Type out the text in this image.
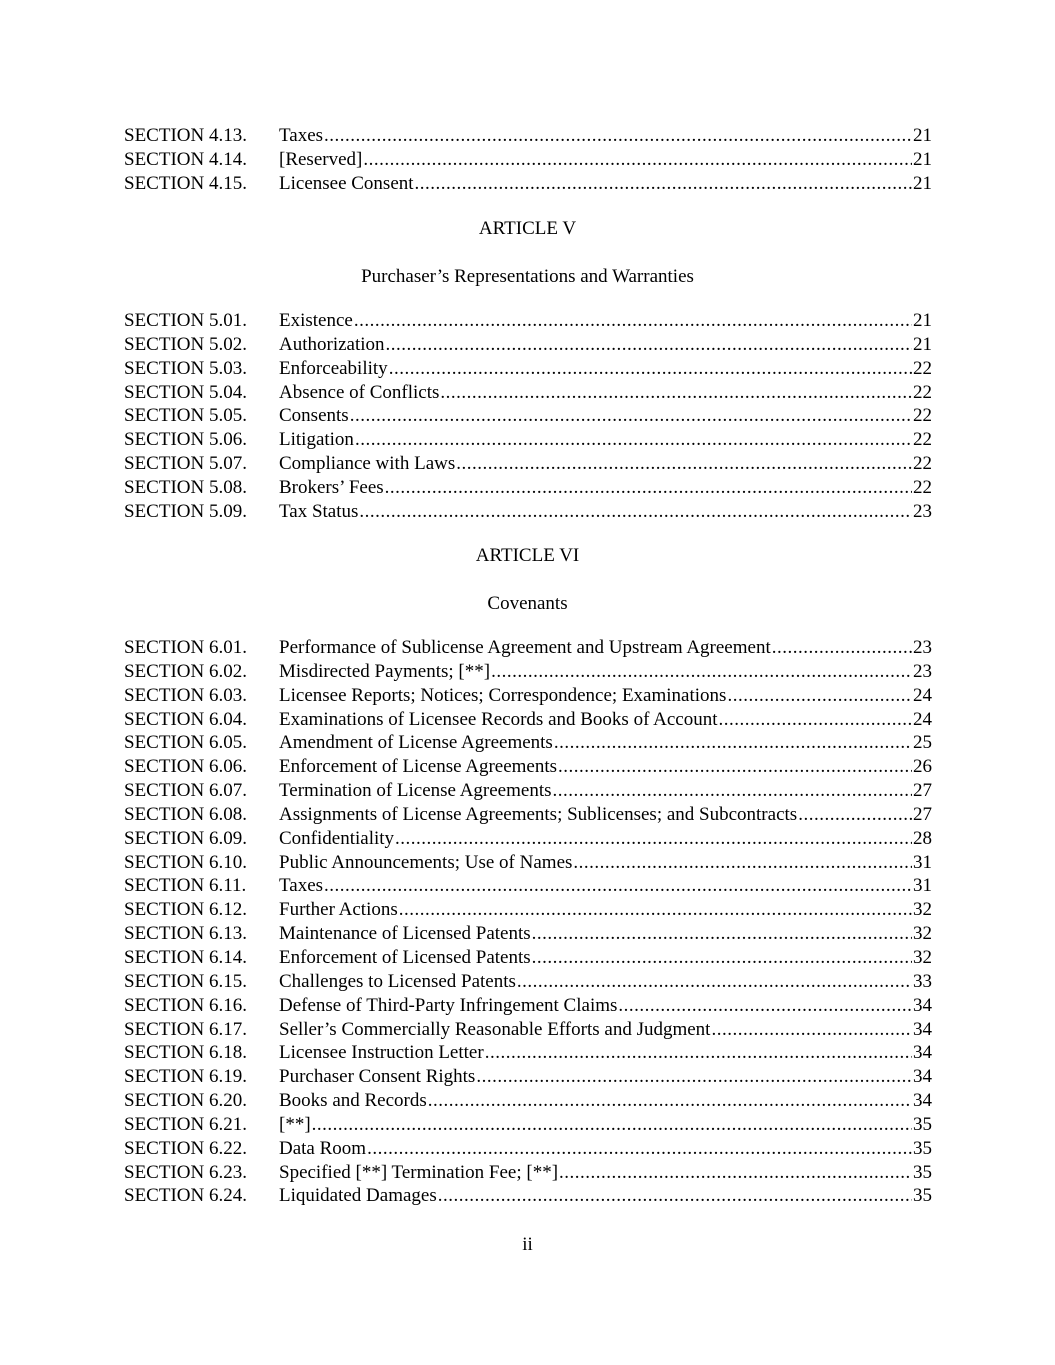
SECTION 4.13.	Taxes .....	21
SECTION 4.14.	[Reserved] .....	21
SECTION 4.15.	Licensee Consent .....	21
ARTICLE V
Purchaser’s Representations and Warranties
SECTION 5.01.	Existence .....	21
SECTION 5.02.	Authorization .....	21
SECTION 5.03.	Enforceability .....	22
SECTION 5.04.	Absence of Conflicts .....	22
SECTION 5.05.	Consents .....	22
SECTION 5.06.	Litigation .....	22
SECTION 5.07.	Compliance with Laws .....	22
SECTION 5.08.	Brokers’ Fees .....	22
SECTION 5.09.	Tax Status .....	23
ARTICLE VI
Covenants
SECTION 6.01.	Performance of Sublicense Agreement and Upstream Agreement .....	23
SECTION 6.02.	Misdirected Payments; [**] .....	23
SECTION 6.03.	Licensee Reports; Notices; Correspondence; Examinations .....	24
SECTION 6.04.	Examinations of Licensee Records and Books of Account .....	24
SECTION 6.05.	Amendment of License Agreements .....	25
SECTION 6.06.	Enforcement of License Agreements .....	26
SECTION 6.07.	Termination of License Agreements .....	27
SECTION 6.08.	Assignments of License Agreements; Sublicenses; and Subcontracts .....	27
SECTION 6.09.	Confidentiality .....	28
SECTION 6.10.	Public Announcements; Use of Names .....	31
SECTION 6.11.	Taxes .....	31
SECTION 6.12.	Further Actions .....	32
SECTION 6.13.	Maintenance of Licensed Patents .....	32
SECTION 6.14.	Enforcement of Licensed Patents .....	32
SECTION 6.15.	Challenges to Licensed Patents .....	33
SECTION 6.16.	Defense of Third-Party Infringement Claims .....	34
SECTION 6.17.	Seller’s Commercially Reasonable Efforts and Judgment .....	34
SECTION 6.18.	Licensee Instruction Letter .....	34
SECTION 6.19.	Purchaser Consent Rights .....	34
SECTION 6.20.	Books and Records .....	34
SECTION 6.21.	[**] .....	35
SECTION 6.22.	Data Room .....	35
SECTION 6.23.	Specified [**] Termination Fee; [**] .....	35
SECTION 6.24.	Liquidated Damages .....	35
ii
